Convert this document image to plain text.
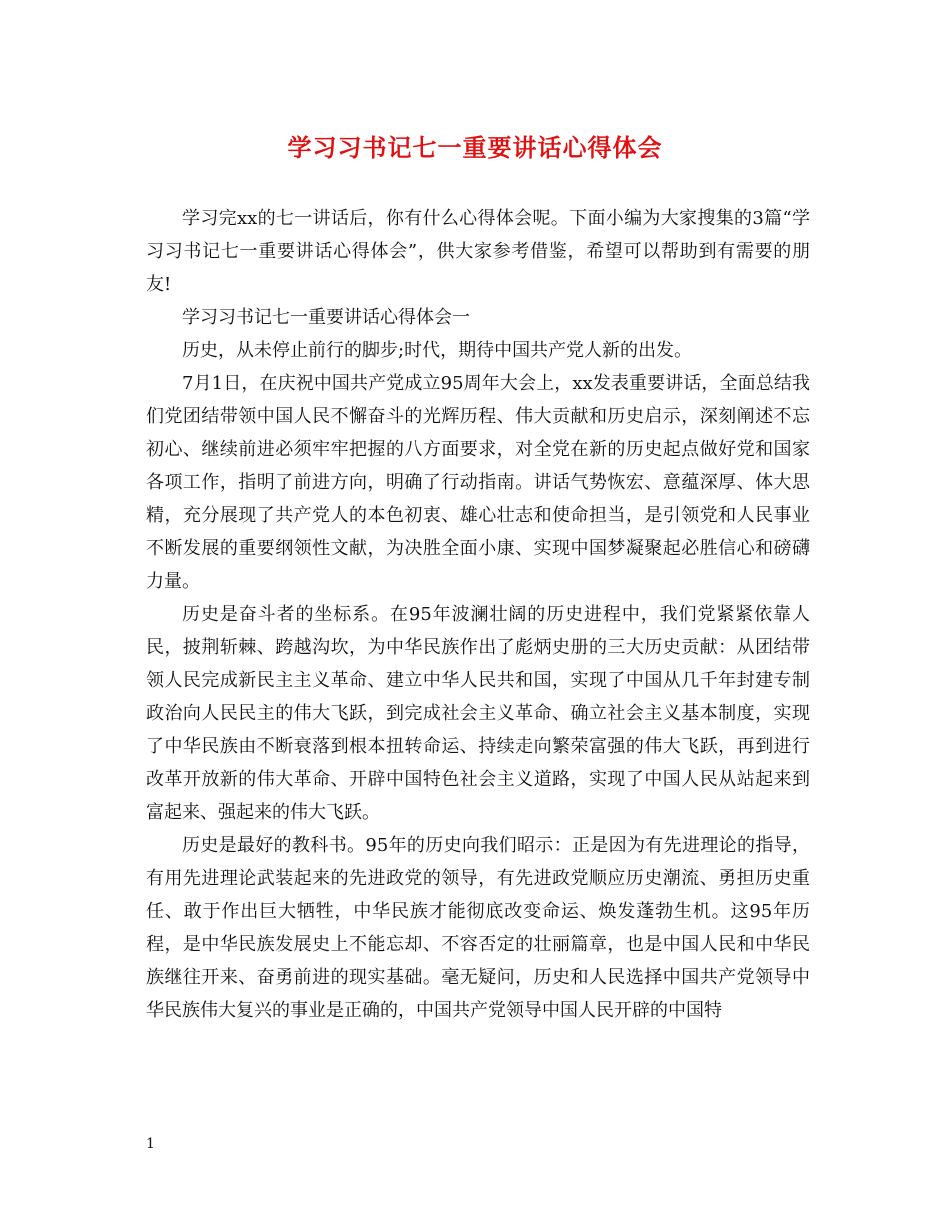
学习习书记七一重要讲话心得体会

学习完xx的七一讲话后，你有什么心得体会呢。下面小编为大家搜集的3篇“学习习书记七一重要讲话心得体会”，供大家参考借鉴，希望可以帮助到有需要的朋友!

学习习书记七一重要讲话心得体会一

历史，从未停止前行的脚步;时代，期待中国共产党人新的出发。

7月1日，在庆祝中国共产党成立95周年大会上，xx发表重要讲话，全面总结我们党团结带领中国人民不懈奋斗的光辉历程、伟大贡献和历史启示，深刻阐述不忘初心、继续前进必须牢牢把握的八方面要求，对全党在新的历史起点做好党和国家各项工作，指明了前进方向，明确了行动指南。讲话气势恢宏、意蕴深厚、体大思精，充分展现了共产党人的本色初衷、雄心壮志和使命担当，是引领党和人民事业不断发展的重要纲领性文献，为决胜全面小康、实现中国梦凝聚起必胜信心和磅礴力量。

历史是奋斗者的坐标系。在95年波澜壮阔的历史进程中，我们党紧紧依靠人民，披荆斩棘、跨越沟坎，为中华民族作出了彪炳史册的三大历史贡献：从团结带领人民完成新民主主义革命、建立中华人民共和国，实现了中国从几千年封建专制政治向人民民主的伟大飞跃，到完成社会主义革命、确立社会主义基本制度，实现了中华民族由不断衰落到根本扭转命运、持续走向繁荣富强的伟大飞跃，再到进行改革开放新的伟大革命、开辟中国特色社会主义道路，实现了中国人民从站起来到富起来、强起来的伟大飞跃。

历史是最好的教科书。95年的历史向我们昭示：正是因为有先进理论的指导，有用先进理论武装起来的先进政党的领导，有先进政党顺应历史潮流、勇担历史重任、敢于作出巨大牺牲，中华民族才能彻底改变命运、焕发蓬勃生机。这95年历程，是中华民族发展史上不能忘却、不容否定的壮丽篇章，也是中国人民和中华民族继往开来、奋勇前进的现实基础。毫无疑问，历史和人民选择中国共产党领导中华民族伟大复兴的事业是正确的，中国共产党领导中国人民开辟的中国特

1
